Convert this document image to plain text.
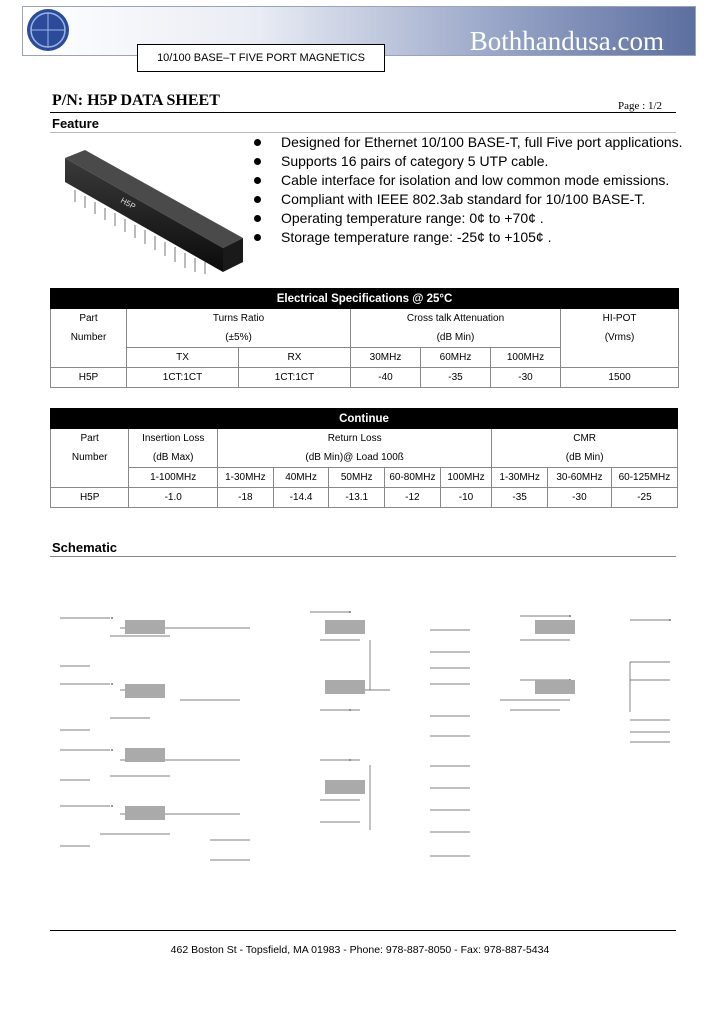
Bothhandusa.com
10/100 BASE–T FIVE PORT MAGNETICS
P/N: H5P DATA SHEET	Page : 1/2
Feature
H5P
Designed for Ethernet 10/100 BASE-T, full Five port applications.
Supports 16 pairs of category 5 UTP cable.
Cable interface for isolation and low common mode emissions.
Compliant with IEEE 802.3ab standard for 10/100 BASE-T.
Operating temperature range: 0¢ to +70¢ .
Storage temperature range: -25¢ to +105¢ .
Electrical Specifications @ 25°C						
Part	Turns Ratio		Cross talk Attenuation			HI-POT
Number	(±5%)		(dB Min)			(Vrms)
	TX	RX	30MHz	60MHz	100MHz	
H5P	1CT:1CT	1CT:1CT	-40	-35	-30	1500
Continue									
Part	Insertion Loss	Return Loss					CMR		
Number	(dB Max)	(dB Min)@ Load 100ß					(dB Min)		
	1-100MHz	1-30MHz	40MHz	50MHz	60-80MHz	100MHz	1-30MHz	30-60MHz	60-125MHz
H5P	-1.0	-18	-14.4	-13.1	-12	-10	-35	-30	-25
Schematic
462 Boston St - Topsfield, MA 01983 - Phone: 978-887-8050 - Fax: 978-887-5434
